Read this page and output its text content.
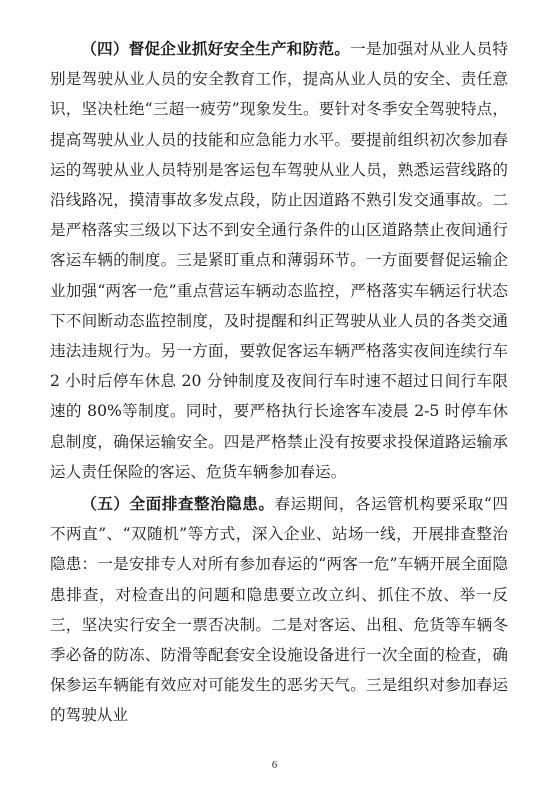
（四）督促企业抓好安全生产和防范。一是加强对从业人员特别是驾驶从业人员的安全教育工作，提高从业人员的安全、责任意识，坚决杜绝“三超一疲劳”现象发生。要针对冬季安全驾驶特点，提高驾驶从业人员的技能和应急能力水平。要提前组织初次参加春运的驾驶从业人员特别是客运包车驾驶从业人员，熟悉运营线路的沿线路况，摸清事故多发点段，防止因道路不熟引发交通事故。二是严格落实三级以下达不到安全通行条件的山区道路禁止夜间通行客运车辆的制度。三是紧盯重点和薄弱环节。一方面要督促运输企业加强“两客一危”重点营运车辆动态监控，严格落实车辆运行状态下不间断动态监控制度，及时提醒和纠正驾驶从业人员的各类交通违法违规行为。另一方面，要敦促客运车辆严格落实夜间连续行车 2 小时后停车休息 20 分钟制度及夜间行车时速不超过日间行车限速的 80%等制度。同时，要严格执行长途客车凌晨 2-5 时停车休息制度，确保运输安全。四是严格禁止没有按要求投保道路运输承运人责任保险的客运、危货车辆参加春运。

（五）全面排查整治隐患。春运期间，各运管机构要采取“四不两直”、“双随机”等方式，深入企业、站场一线，开展排查整治隐患：一是安排专人对所有参加春运的“两客一危”车辆开展全面隐患排查，对检查出的问题和隐患要立改立纠、抓住不放、举一反三，坚决实行安全一票否决制。二是对客运、出租、危货等车辆冬季必备的防冻、防滑等配套安全设施设备进行一次全面的检查，确保参运车辆能有效应对可能发生的恶劣天气。三是组织对参加春运的驾驶从业

6
